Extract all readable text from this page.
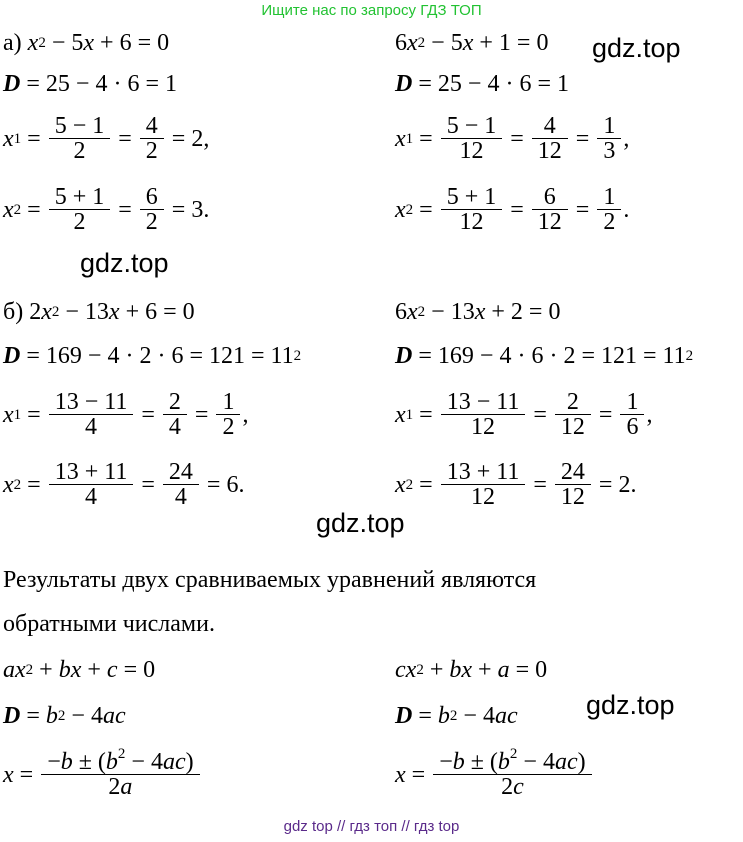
Ищите нас по запросу ГДЗ ТОП
gdz.top
gdz.top
gdz.top
gdz.top
а)
x 2 − 5 x + 6 = 0
D = 25 − 4 · 6 = 1
x $1 = \frac{5 - 1}{2} = \frac{4}{2} = 2$,
x $2 = \frac{5 + 1}{2} = \frac{6}{2} = 3$.
6 x 2 − 5 x + 1 = 0
D = 25 − 4 · 6 = 1
x $1 = \frac{5 - 1}{12} = \frac{4}{12} = \frac{1}{3}$ ,
x $2 = \frac{5 + 1}{12} = \frac{6}{12} = \frac{1}{2}$ .
б) 2 x 2 − 13 x + 6 = 0
D = 169 − 4 · 2 · 6 = 121 = 11 2
x $1 = \frac{13 - 11}{4} = \frac{2}{4} = \frac{1}{2}$ ,
x $2 = \frac{13 + 11}{4} = \frac{24}{4} = 6$.
6 x 2 − 13 x + 2 = 0
D = 169 − 4 · 6 · 2 = 121 = 11 2
x $1 = \frac{13 - 11}{12} = \frac{2}{12} = \frac{1}{6}$ ,
x $2 = \frac{13 + 11}{12} = \frac{24}{12} = 2$.
Результаты двух сравниваемых уравнений являются
обратными числами.
ax 2 + bx + c = 0
D = b 2 − 4 ac
$x = \frac{-b \pm (b^2 - 4ac)}{2a}$
cx 2 + bx + a = 0
D = b 2 − 4 ac
$x = \frac{-b \pm (b^2 - 4ac)}{2c}$
gdz top // гдз топ // гдз top
